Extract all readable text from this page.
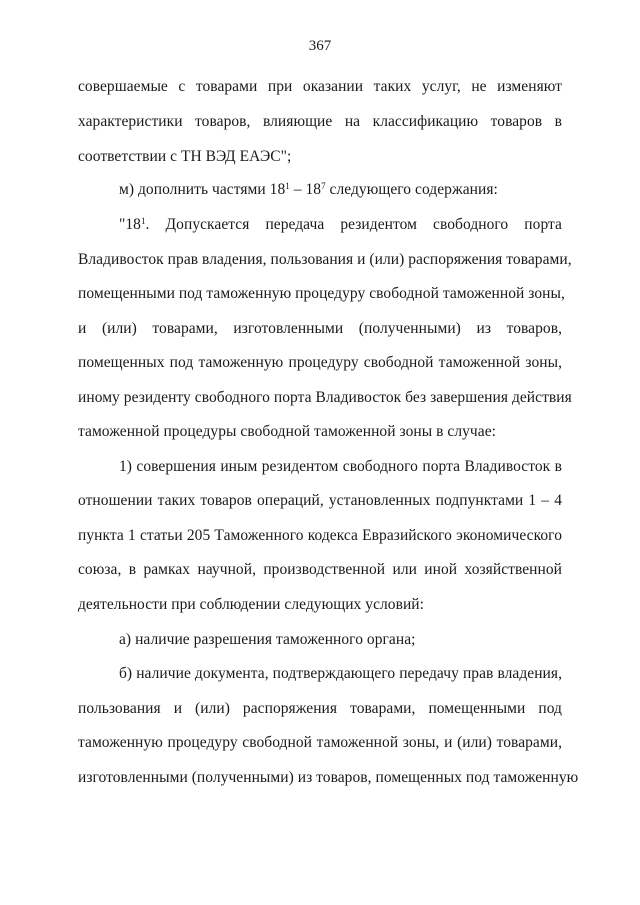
367
совершаемые с товарами при оказании таких услуг, не изменяют
характеристики товаров, влияющие на классификацию товаров в
соответствии с ТН ВЭД ЕАЭС";
м) дополнить частями $18^1 - 18^7$ следующего содержания:
"$18^1$. Допускается передача резидентом свободного порта
Владивосток прав владения, пользования и (или) распоряжения товарами,
помещенными под таможенную процедуру свободной таможенной зоны,
и (или) товарами, изготовленными (полученными) из товаров,
помещенных под таможенную процедуру свободной таможенной зоны,
иному резиденту свободного порта Владивосток без завершения действия
таможенной процедуры свободной таможенной зоны в случае:
1) совершения иным резидентом свободного порта Владивосток в
отношении таких товаров операций, установленных подпунктами 1 – 4
пункта 1 статьи 205 Таможенного кодекса Евразийского экономического
союза, в рамках научной, производственной или иной хозяйственной
деятельности при соблюдении следующих условий:
а) наличие разрешения таможенного органа;
б) наличие документа, подтверждающего передачу прав владения,
пользования и (или) распоряжения товарами, помещенными под
таможенную процедуру свободной таможенной зоны, и (или) товарами,
изготовленными (полученными) из товаров, помещенных под таможенную
